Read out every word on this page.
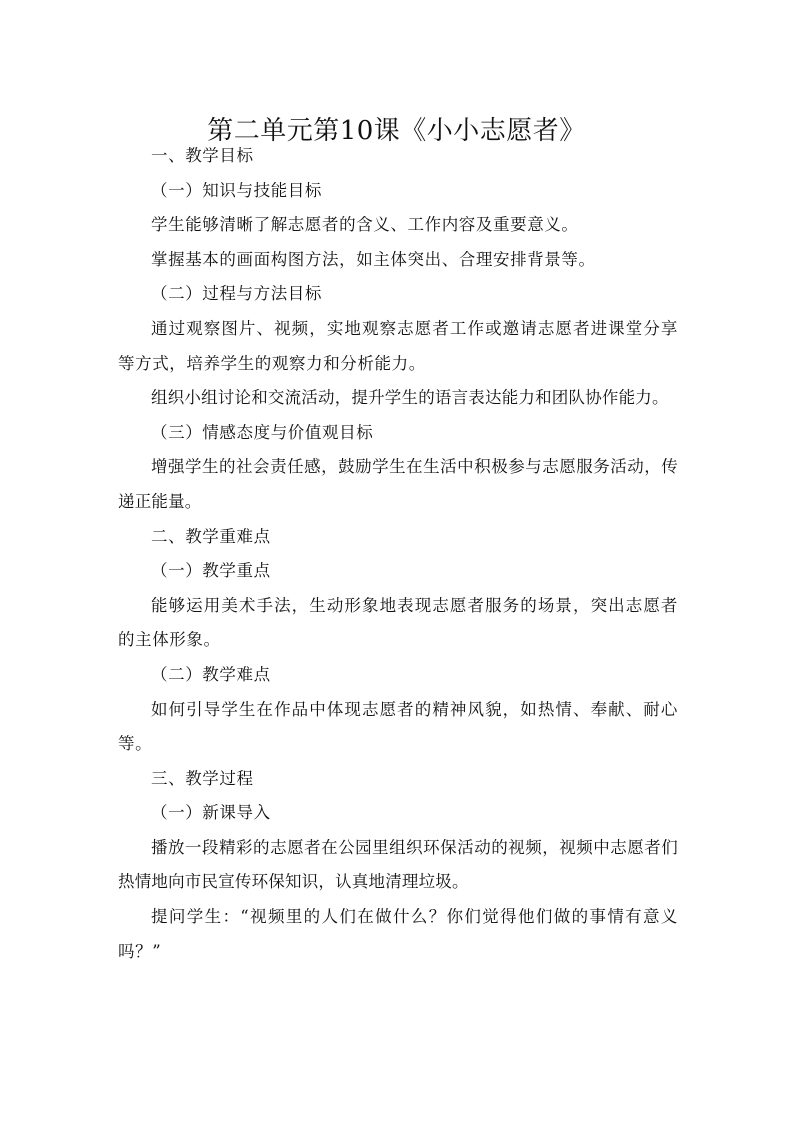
第二单元第10课《小小志愿者》

一、教学目标

（一）知识与技能目标

学生能够清晰了解志愿者的含义、工作内容及重要意义。

掌握基本的画面构图方法，如主体突出、合理安排背景等。

（二）过程与方法目标

通过观察图片、视频，实地观察志愿者工作或邀请志愿者进课堂分享等方式，培养学生的观察力和分析能力。

组织小组讨论和交流活动，提升学生的语言表达能力和团队协作能力。

（三）情感态度与价值观目标

增强学生的社会责任感，鼓励学生在生活中积极参与志愿服务活动，传递正能量。

二、教学重难点

（一）教学重点

能够运用美术手法，生动形象地表现志愿者服务的场景，突出志愿者的主体形象。

（二）教学难点

如何引导学生在作品中体现志愿者的精神风貌，如热情、奉献、耐心等。

三、教学过程

（一）新课导入

播放一段精彩的志愿者在公园里组织环保活动的视频，视频中志愿者们热情地向市民宣传环保知识，认真地清理垃圾。

提问学生：“视频里的人们在做什么？你们觉得他们做的事情有意义吗？”
